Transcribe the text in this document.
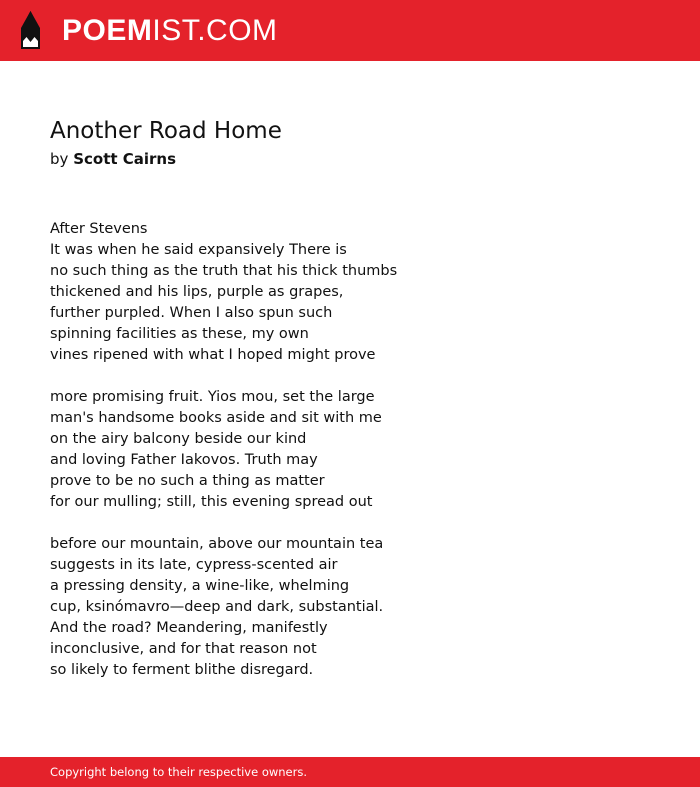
POEMIST.COM
Another Road Home
by Scott Cairns
After Stevens
It was when he said expansively There is
no such thing as the truth that his thick thumbs
thickened and his lips, purple as grapes,
further purpled. When I also spun such
spinning facilities as these, my own
vines ripened with what I hoped might prove
more promising fruit. Yios mou, set the large
man's handsome books aside and sit with me
on the airy balcony beside our kind
and loving Father Iakovos. Truth may
prove to be no such a thing as matter
for our mulling; still, this evening spread out
before our mountain, above our mountain tea
suggests in its late, cypress-scented air
a pressing density, a wine-like, whelming
cup, ksinómavro—deep and dark, substantial.
And the road? Meandering, manifestly
inconclusive, and for that reason not
so likely to ferment blithe disregard.
Copyright belong to their respective owners.
